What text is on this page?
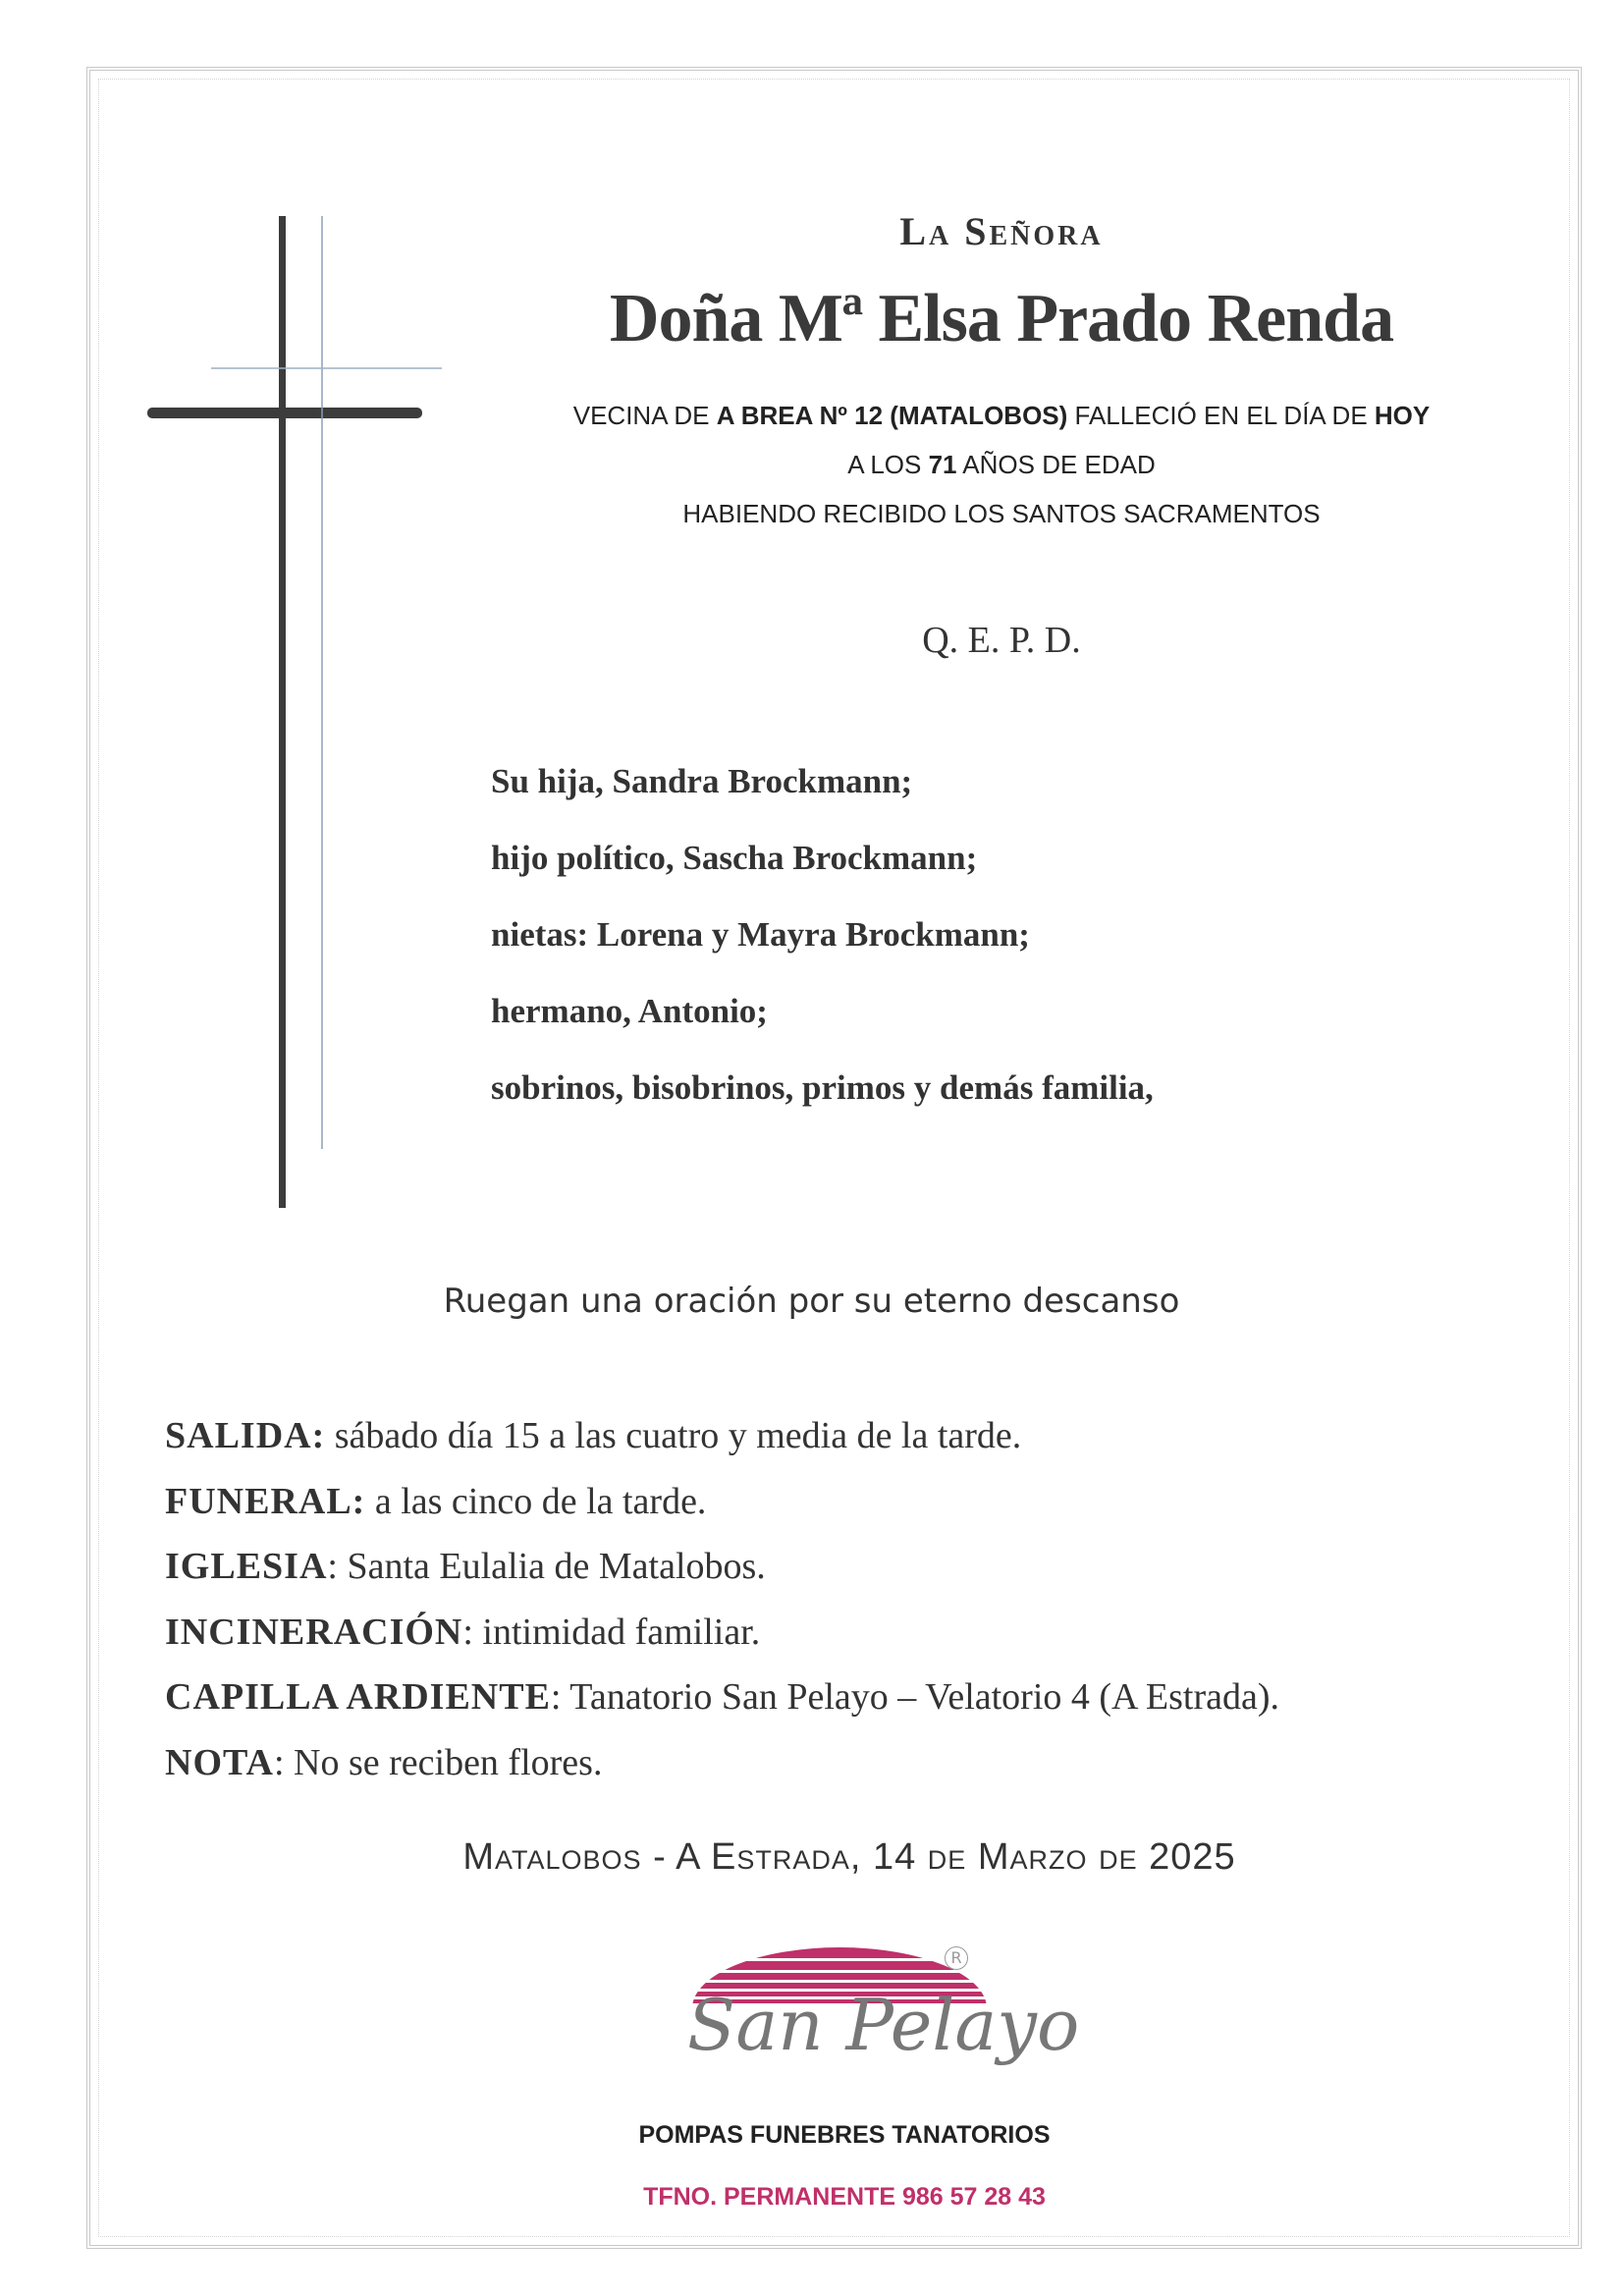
La Señora
Doña Mª Elsa Prado Renda
VECINA DE A BREA Nº 12 (MATALOBOS) FALLECIÓ EN EL DÍA DE HOY
A LOS 71 AÑOS DE EDAD
HABIENDO RECIBIDO LOS SANTOS SACRAMENTOS
Q. E. P. D.
Su hija, Sandra Brockmann;
hijo político, Sascha Brockmann;
nietas: Lorena y Mayra Brockmann;
hermano, Antonio;
sobrinos, bisobrinos, primos y demás familia,
Ruegan una oración por su eterno descanso
SALIDA: sábado día 15 a las cuatro y media de la tarde.
FUNERAL: a las cinco de la tarde.
IGLESIA: Santa Eulalia de Matalobos.
INCINERACIÓN: intimidad familiar.
CAPILLA ARDIENTE: Tanatorio San Pelayo – Velatorio 4 (A Estrada).
NOTA: No se reciben flores.
Matalobos - A Estrada, 14 de Marzo de 2025
R
San Pelayo
POMPAS FUNEBRES TANATORIOS
TFNO. PERMANENTE 986 57 28 43
